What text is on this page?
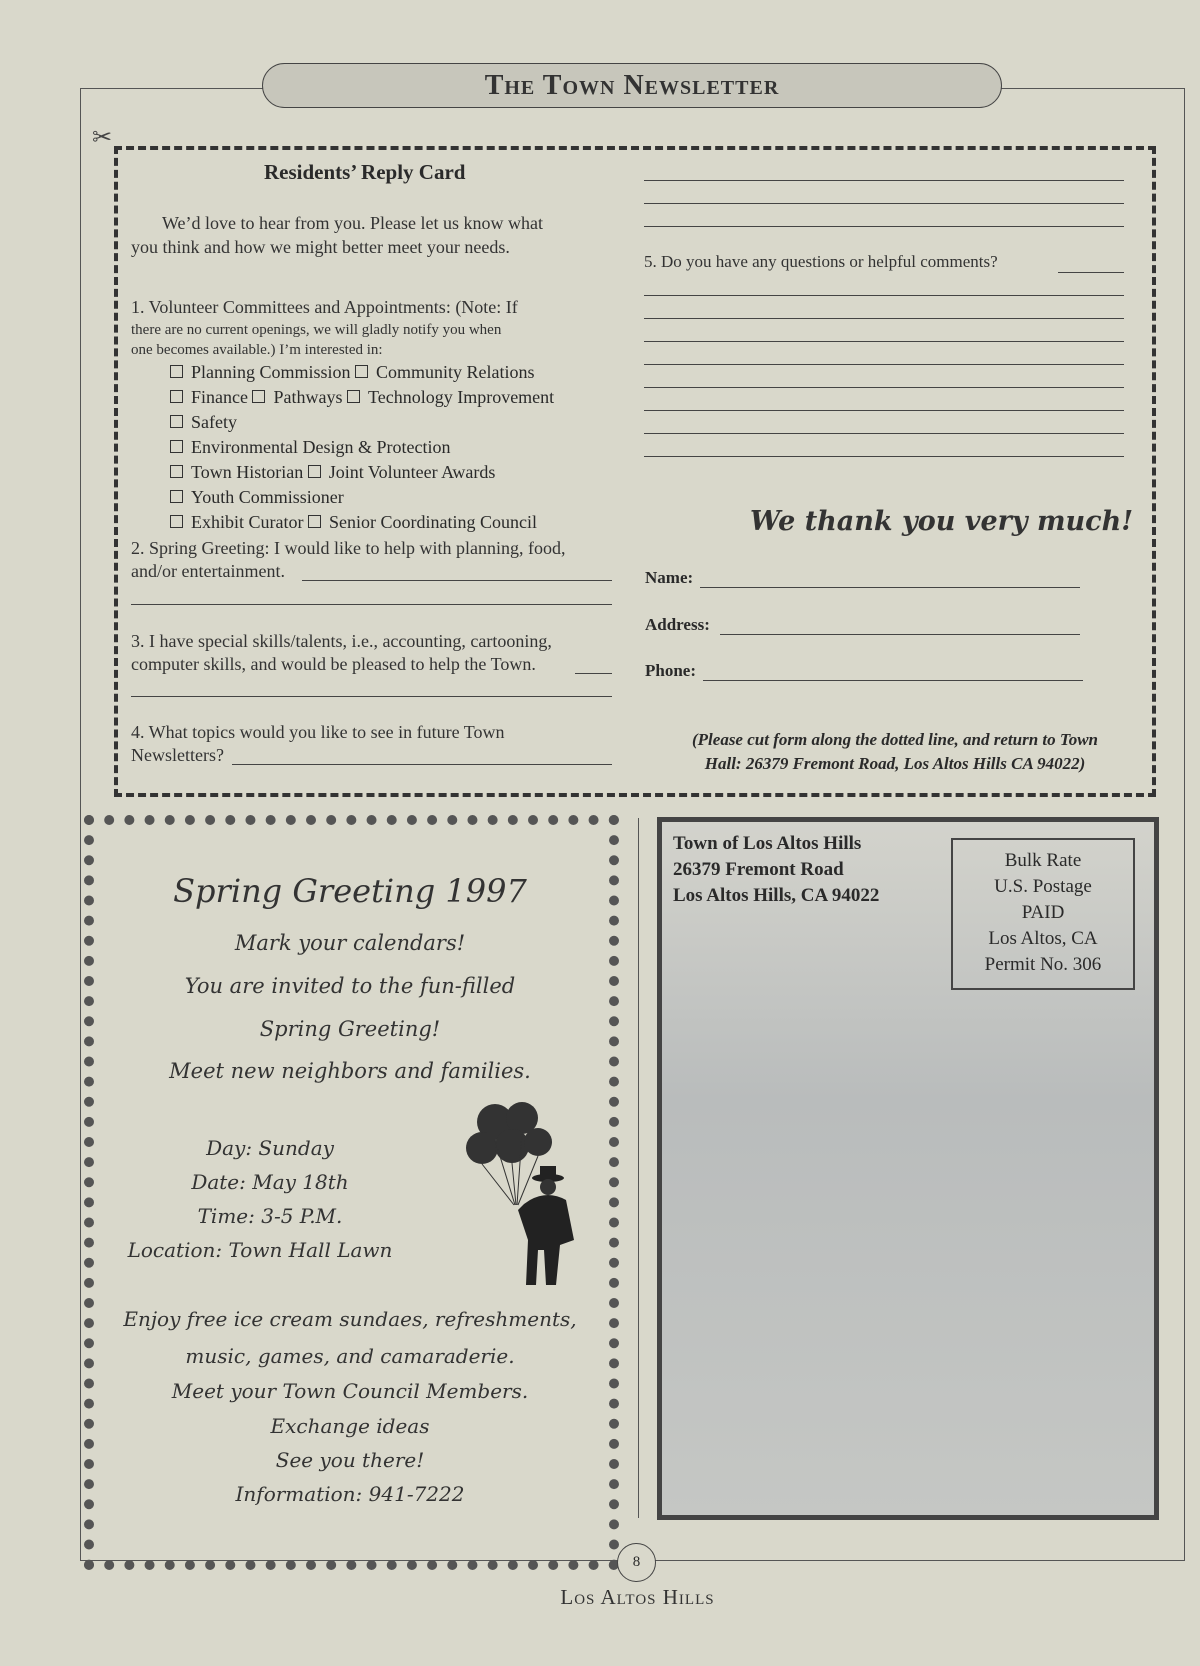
The Town Newsletter
✂
Residents’ Reply Card
We’d love to hear from you. Please let us know what
you think and how we might better meet your needs.
1. Volunteer Committees and Appointments: (Note: If
there are no current openings, we will gladly notify you when
one becomes available.) I’m interested in:
Planning Commission Community Relations
Finance Pathways Technology Improvement
Safety
Environmental Design & Protection
Town Historian Joint Volunteer Awards
Youth Commissioner
Exhibit Curator Senior Coordinating Council
2. Spring Greeting: I would like to help with planning, food,
and/or entertainment.
3. I have special skills/talents, i.e., accounting, cartooning,
computer skills, and would be pleased to help the Town.
4. What topics would you like to see in future Town
Newsletters?
5. Do you have any questions or helpful comments?
We thank you very much!
Name:
Address:
Phone:
(Please cut form along the dotted line, and return to Town
Hall: 26379 Fremont Road, Los Altos Hills CA 94022)
Spring Greeting 1997
Mark your calendars!
You are invited to the fun-filled
Spring Greeting!
Meet new neighbors and families.
Day: Sunday
Date: May 18th
Time: 3-5 P.M.
Location: Town Hall Lawn
Enjoy free ice cream sundaes, refreshments,
music, games, and camaraderie.
Meet your Town Council Members.
Exchange ideas
See you there!
Information: 941-7222
Town of Los Altos Hills
26379 Fremont Road
Los Altos Hills, CA 94022
Bulk Rate
U.S. Postage
PAID
Los Altos, CA
Permit No. 306
8
Los Altos Hills
